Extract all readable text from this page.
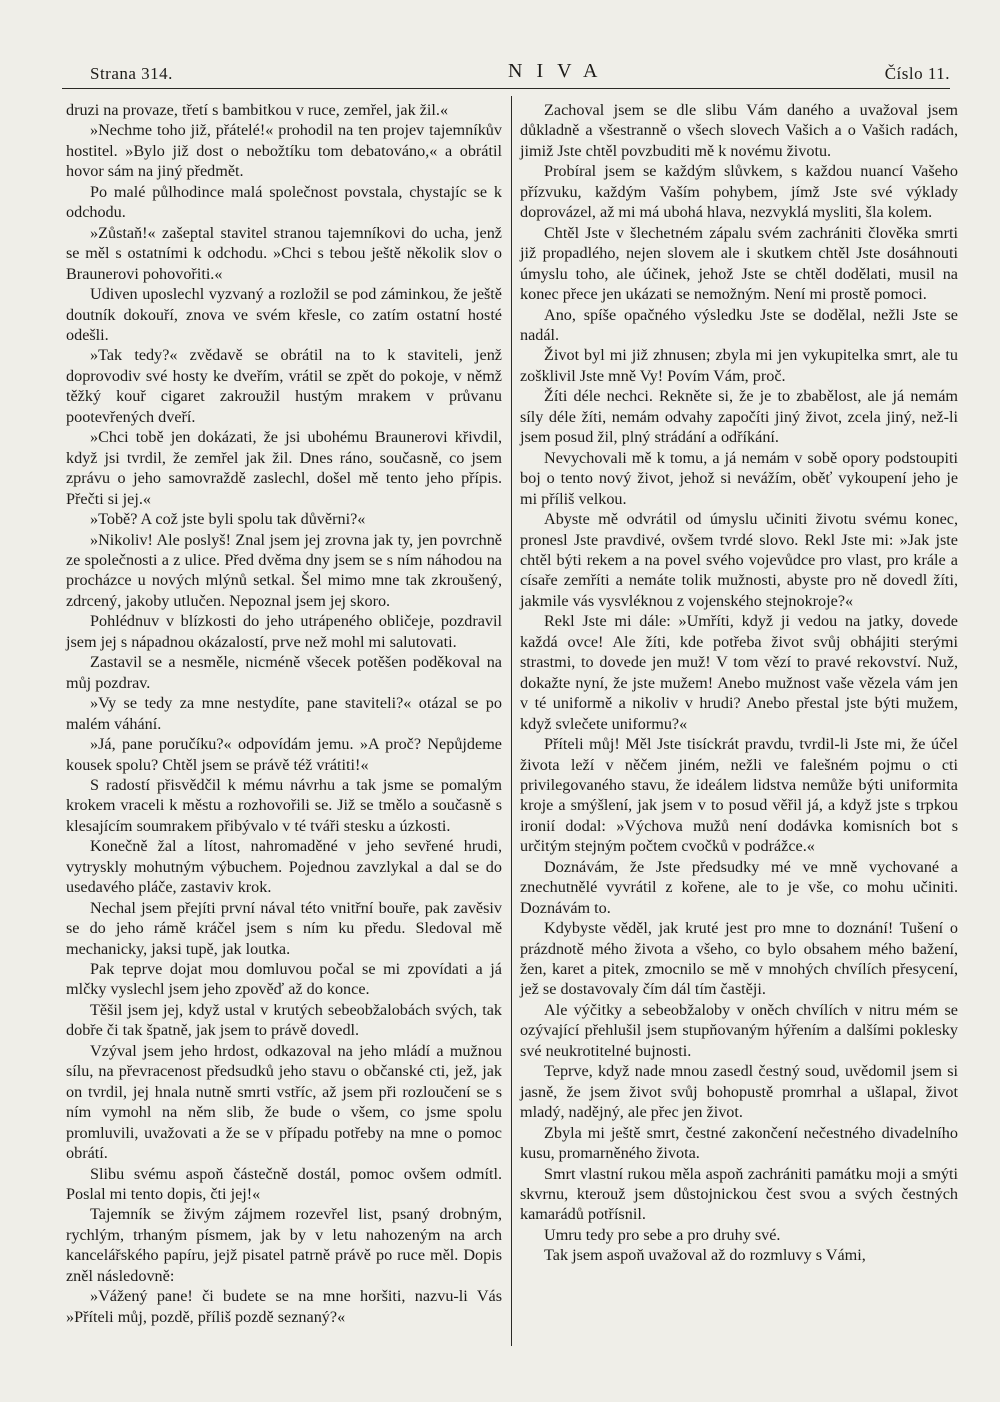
Strana 314.	NIVA	Číslo 11.

druzi na provaze, třetí s bambitkou v ruce, zemřel, jak žil.«

»Nechme toho již, přátelé!« prohodil na ten projev tajemníkův hostitel. »Bylo již dost o nebožtíku tom debatováno,« a obrátil hovor sám na jiný předmět.

Po malé půlhodince malá společnost povstala, chystajíc se k odchodu.

»Zůstaň!« zašeptal stavitel stranou tajemníkovi do ucha, jenž se měl s ostatními k odchodu. »Chci s tebou ještě několik slov o Braunerovi pohovořiti.«

Udiven uposlechl vyzvaný a rozložil se pod záminkou, že ještě doutník dokouří, znova ve svém křesle, co zatím ostatní hosté odešli.

»Tak tedy?« zvědavě se obrátil na to k staviteli, jenž doprovodiv své hosty ke dveřím, vrátil se zpět do pokoje, v němž těžký kouř cigaret zakroužil hustým mrakem v průvanu pootevřených dveří.

»Chci tobě jen dokázati, že jsi ubohému Braunerovi křivdil, když jsi tvrdil, že zemřel jak žil. Dnes ráno, současně, co jsem zprávu o jeho samovraždě zaslechl, došel mě tento jeho přípis. Přečti si jej.«

»Tobě? A což jste byli spolu tak důvěrni?«

»Nikoliv! Ale poslyš! Znal jsem jej zrovna jak ty, jen povrchně ze společnosti a z ulice. Před dvěma dny jsem se s ním náhodou na procházce u nových mlýnů setkal. Šel mimo mne tak zkroušený, zdrcený, jakoby utlučen. Nepoznal jsem jej skoro.

Pohlédnuv v blízkosti do jeho utrápeného obličeje, pozdravil jsem jej s nápadnou okázalostí, prve než mohl mi salutovati.

Zastavil se a nesměle, nicméně všecek potěšen poděkoval na můj pozdrav.

»Vy se tedy za mne nestydíte, pane staviteli?« otázal se po malém váhání.

»Já, pane poručíku?« odpovídám jemu. »A proč? Nepůjdeme kousek spolu? Chtěl jsem se právě též vrátiti!«

S radostí přisvědčil k mému návrhu a tak jsme se pomalým krokem vraceli k městu a rozhovořili se. Již se tmělo a současně s klesajícím soumrakem přibývalo v té tváři stesku a úzkosti.

Konečně žal a lítost, nahromaděné v jeho sevřené hrudi, vytryskly mohutným výbuchem. Pojednou zavzlykal a dal se do usedavého pláče, zastaviv krok.

Nechal jsem přejíti první nával této vnitřní bouře, pak zavěsiv se do jeho rámě kráčel jsem s ním ku předu. Sledoval mě mechanicky, jaksi tupě, jak loutka.

Pak teprve dojat mou domluvou počal se mi zpovídati a já mlčky vyslechl jsem jeho zpověď až do konce.

Těšil jsem jej, když ustal v krutých sebeobžalobách svých, tak dobře či tak špatně, jak jsem to právě dovedl.

Vzýval jsem jeho hrdost, odkazoval na jeho mládí a mužnou sílu, na převracenost předsudků jeho stavu o občanské cti, jež, jak on tvrdil, jej hnala nutně smrti vstříc, až jsem při rozloučení se s ním vymohl na něm slib, že bude o všem, co jsme spolu promluvili, uvažovati a že se v případu potřeby na mne o pomoc obrátí.

Slibu svému aspoň částečně dostál, pomoc ovšem odmítl. Poslal mi tento dopis, čti jej!«

Tajemník se živým zájmem rozevřel list, psaný drobným, rychlým, trhaným písmem, jak by v letu nahozeným na arch kancelářského papíru, jejž pisatel patrně právě po ruce měl. Dopis zněl následovně:

»Vážený pane! či budete se na mne horšiti, nazvu-li Vás »Příteli můj, pozdě, příliš pozdě seznaný?«

Zachoval jsem se dle slibu Vám daného a uvažoval jsem důkladně a všestranně o všech slovech Vašich a o Vašich radách, jimiž Jste chtěl povzbuditi mě k novému životu.

Probíral jsem se každým slůvkem, s každou nuancí Vašeho přízvuku, každým Vaším pohybem, jímž Jste své výklady doprovázel, až mi má ubohá hlava, nezvyklá mysliti, šla kolem.

Chtěl Jste v šlechetném zápalu svém zachrániti člověka smrti již propadlého, nejen slovem ale i skutkem chtěl Jste dosáhnouti úmyslu toho, ale účinek, jehož Jste se chtěl dodělati, musil na konec přece jen ukázati se nemožným. Není mi prostě pomoci.

Ano, spíše opačného výsledku Jste se dodělal, nežli Jste se nadál.

Život byl mi již zhnusen; zbyla mi jen vykupitelka smrt, ale tu zošklivil Jste mně Vy! Povím Vám, proč.

Žíti déle nechci. Rekněte si, že je to zbabělost, ale já nemám síly déle žíti, nemám odvahy započíti jiný život, zcela jiný, než-li jsem posud žil, plný strádání a odříkání.

Nevychovali mě k tomu, a já nemám v sobě opory podstoupiti boj o tento nový život, jehož si nevážím, oběť vykoupení jeho je mi příliš velkou.

Abyste mě odvrátil od úmyslu učiniti životu svému konec, pronesl Jste pravdivé, ovšem tvrdé slovo. Rekl Jste mi: »Jak jste chtěl býti rekem a na povel svého vojevůdce pro vlast, pro krále a císaře zemříti a nemáte tolik mužnosti, abyste pro ně dovedl žíti, jakmile vás vysvléknou z vojenského stejnokroje?«

Rekl Jste mi dále: »Umříti, když ji vedou na jatky, dovede každá ovce! Ale žíti, kde potřeba život svůj obhájiti sterými strastmi, to dovede jen muž! V tom vězí to pravé rekovství. Nuž, dokažte nyní, že jste mužem! Anebo mužnost vaše vězela vám jen v té uniformě a nikoliv v hrudi? Anebo přestal jste býti mužem, když svlečete uniformu?«

Příteli můj! Měl Jste tisíckrát pravdu, tvrdil-li Jste mi, že účel života leží v něčem jiném, nežli ve falešném pojmu o cti privilegovaného stavu, že ideálem lidstva nemůže býti uniformita kroje a smýšlení, jak jsem v to posud věřil já, a když jste s trpkou ironií dodal: »Výchova mužů není dodávka komisních bot s určitým stejným počtem cvočků v podrážce.«

Doznávám, že Jste předsudky mé ve mně vychované a znechutnělé vyvrátil z kořene, ale to je vše, co mohu učiniti. Doznávám to.

Kdybyste věděl, jak kruté jest pro mne to doznání! Tušení o prázdnotě mého života a všeho, co bylo obsahem mého bažení, žen, karet a pitek, zmocnilo se mě v mnohých chvílích přesycení, jež se dostavovaly čím dál tím častěji.

Ale výčitky a sebeobžaloby v oněch chvílích v nitru mém se ozývající přehlušil jsem stupňovaným hýřením a dalšími poklesky své neukrotitelné bujnosti.

Teprve, když nade mnou zasedl čestný soud, uvědomil jsem si jasně, že jsem život svůj bohopustě promrhal a ušlapal, život mladý, nadějný, ale přec jen život.

Zbyla mi ještě smrt, čestné zakončení nečestného divadelního kusu, promarněného života.

Smrt vlastní rukou měla aspoň zachrániti památku moji a smýti skvrnu, kterouž jsem důstojnickou čest svou a svých čestných kamarádů potřísnil.

Umru tedy pro sebe a pro druhy své.

Tak jsem aspoň uvažoval až do rozmluvy s Vámi,
